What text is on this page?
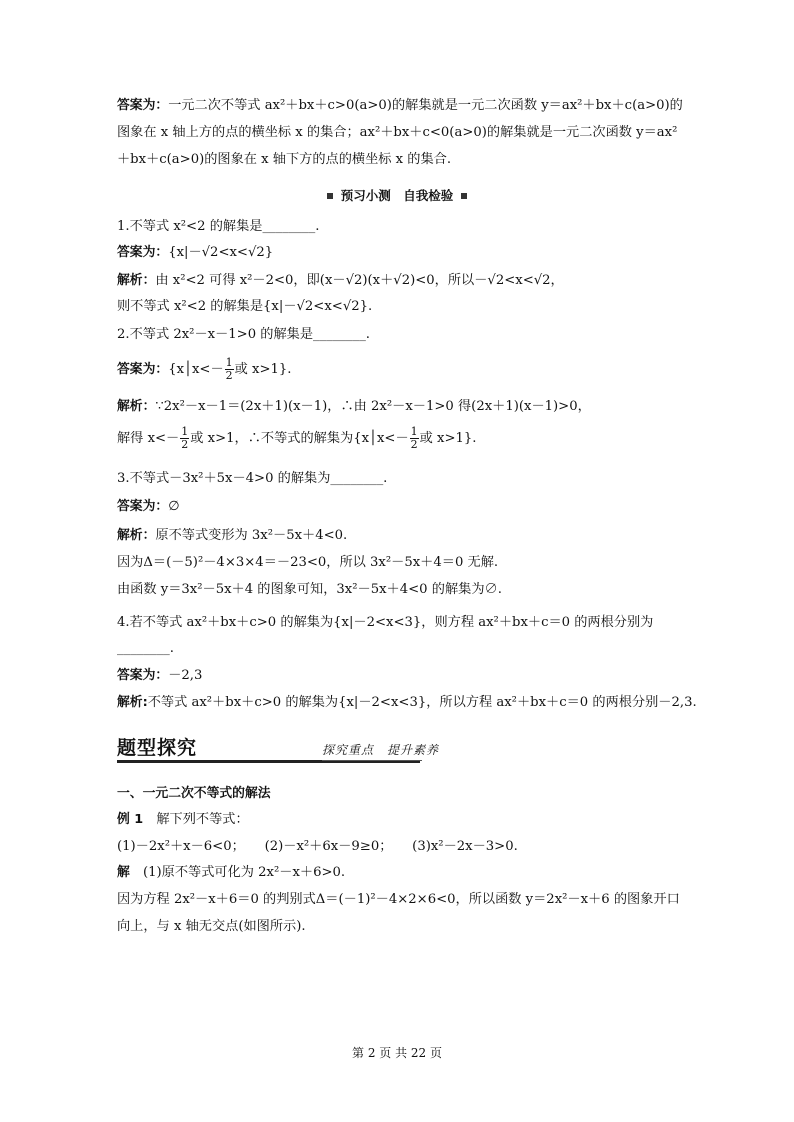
答案为：一元二次不等式 ax²＋bx＋c>0(a>0)的解集就是一元二次函数 y＝ax²＋bx＋c(a>0)的
图象在 x 轴上方的点的横坐标 x 的集合；ax²＋bx＋c<0(a>0)的解集就是一元二次函数 y＝ax²
＋bx＋c(a>0)的图象在 x 轴下方的点的横坐标 x 的集合.
预习小测　自我检验
1.不等式 x²<2 的解集是________.
答案为：{x|－√2<x<√2}
解析：由 x²<2 可得 x²－2<0，即(x－√2)(x＋√2)<0，所以－√2<x<√2，
则不等式 x²<2 的解集是{x|－√2<x<√2}.
2.不等式 2x²－x－1>0 的解集是________.
答案为：{x│x<－ $\frac{1}{2}$ 或 x>1}.
解析：∵2x²－x－1＝(2x＋1)(x－1)，∴由 2x²－x－1>0 得(2x＋1)(x－1)>0，
解得 $x<- \frac{1}{2}$ 或 x>1，∴不等式的解集为{x│x<－ $\frac{1}{2}$ 或 x>1}.
3.不等式－3x²＋5x－4>0 的解集为________.
答案为：∅
解析：原不等式变形为 3x²－5x＋4<0.
因为Δ＝(－5)²－4×3×4＝－23<0，所以 3x²－5x＋4＝0 无解.
由函数 y＝3x²－5x＋4 的图象可知，3x²－5x＋4<0 的解集为∅.
4.若不等式 ax²＋bx＋c>0 的解集为{x|－2<x<3}，则方程 ax²＋bx＋c＝0 的两根分别为
________.
答案为：－2,3
解析:不等式 ax²＋bx＋c>0 的解集为{x|－2<x<3}，所以方程 ax²＋bx＋c＝0 的两根分别－2,3.
题型探究	探究重点　提升素养
一、一元二次不等式的解法
例 1　解下列不等式：
(1)－2x²＋x－6<0；　　(2)－x²＋6x－9≥0；　　(3)x²－2x－3>0.
解　(1)原不等式可化为 2x²－x＋6>0.
因为方程 2x²－x＋6＝0 的判别式Δ＝(－1)²－4×2×6<0，所以函数 y＝2x²－x＋6 的图象开口
向上，与 x 轴无交点(如图所示).
第 2 页 共 22 页
